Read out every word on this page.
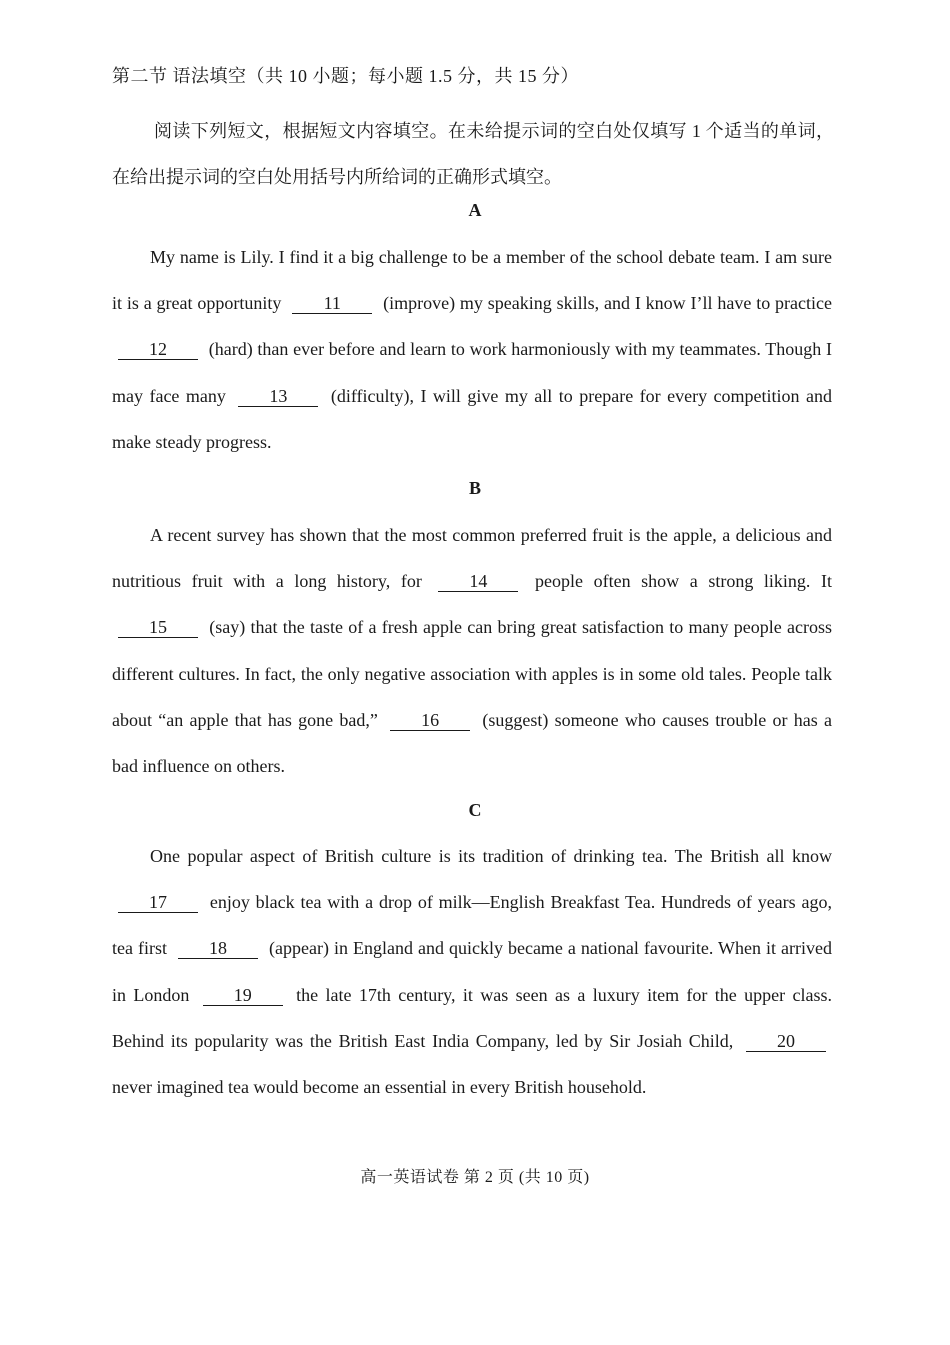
第二节 语法填空（共 10 小题；每小题 1.5 分，共 15 分）

阅读下列短文，根据短文内容填空。在未给提示词的空白处仅填写 1 个适当的单词，在给出提示词的空白处用括号内所给词的正确形式填空。

A

My name is Lily. I find it a big challenge to be a member of the school debate team. I am sure it is a great opportunity 11 (improve) my speaking skills, and I know I’ll have to practice 12 (hard) than ever before and learn to work harmoniously with my teammates. Though I may face many 13 (difficulty), I will give my all to prepare for every competition and make steady progress.

B

A recent survey has shown that the most common preferred fruit is the apple, a delicious and nutritious fruit with a long history, for	14	people often show a strong liking. It 15 (say) that the taste of a fresh apple can bring great satisfaction to many people across different cultures. In fact, the only negative association with apples is in some old tales. People talk about “an apple that has gone bad,” 16 (suggest) someone who causes trouble or has a bad influence on others.

C

One popular aspect of British culture is its tradition of drinking tea. The British all know 17 enjoy black tea with a drop of milk—English Breakfast Tea. Hundreds of years ago, tea first 18 (appear) in England and quickly became a national favourite. When it arrived in London 19 the late 17th century, it was seen as a luxury item for the upper class. Behind its popularity was the British East India Company, led by Sir Josiah Child, 20 never imagined tea would become an essential in every British household.

高一英语试卷 第 2 页 (共 10 页)
